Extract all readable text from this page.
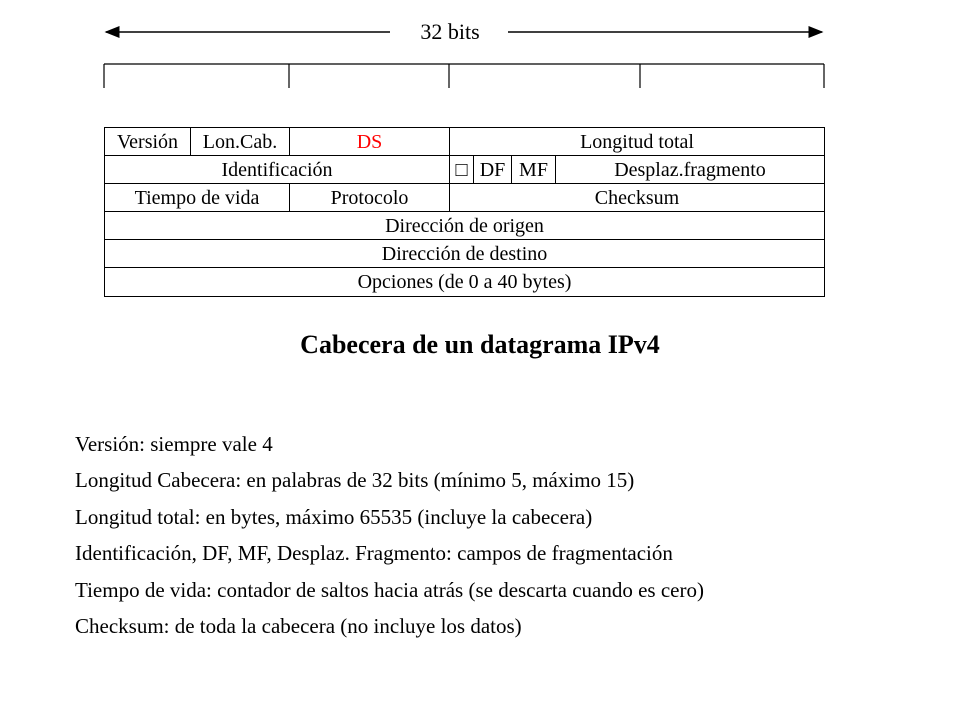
32 bits
Versión	Lon.Cab.	DS	Longitud total			
Identificación			□	DF	MF	Desplaz.fragmento
Tiempo de vida		Protocolo	Checksum			
Dirección de origen						
Dirección de destino						
Opciones (de 0 a 40 bytes)						
Cabecera de un datagrama IPv4
Versión: siempre vale 4
Longitud Cabecera: en palabras de 32 bits (mínimo 5, máximo 15)
Longitud total: en bytes, máximo 65535 (incluye la cabecera)
Identificación, DF, MF, Desplaz. Fragmento: campos de fragmentación
Tiempo de vida: contador de saltos hacia atrás (se descarta cuando es cero)
Checksum: de toda la cabecera (no incluye los datos)
